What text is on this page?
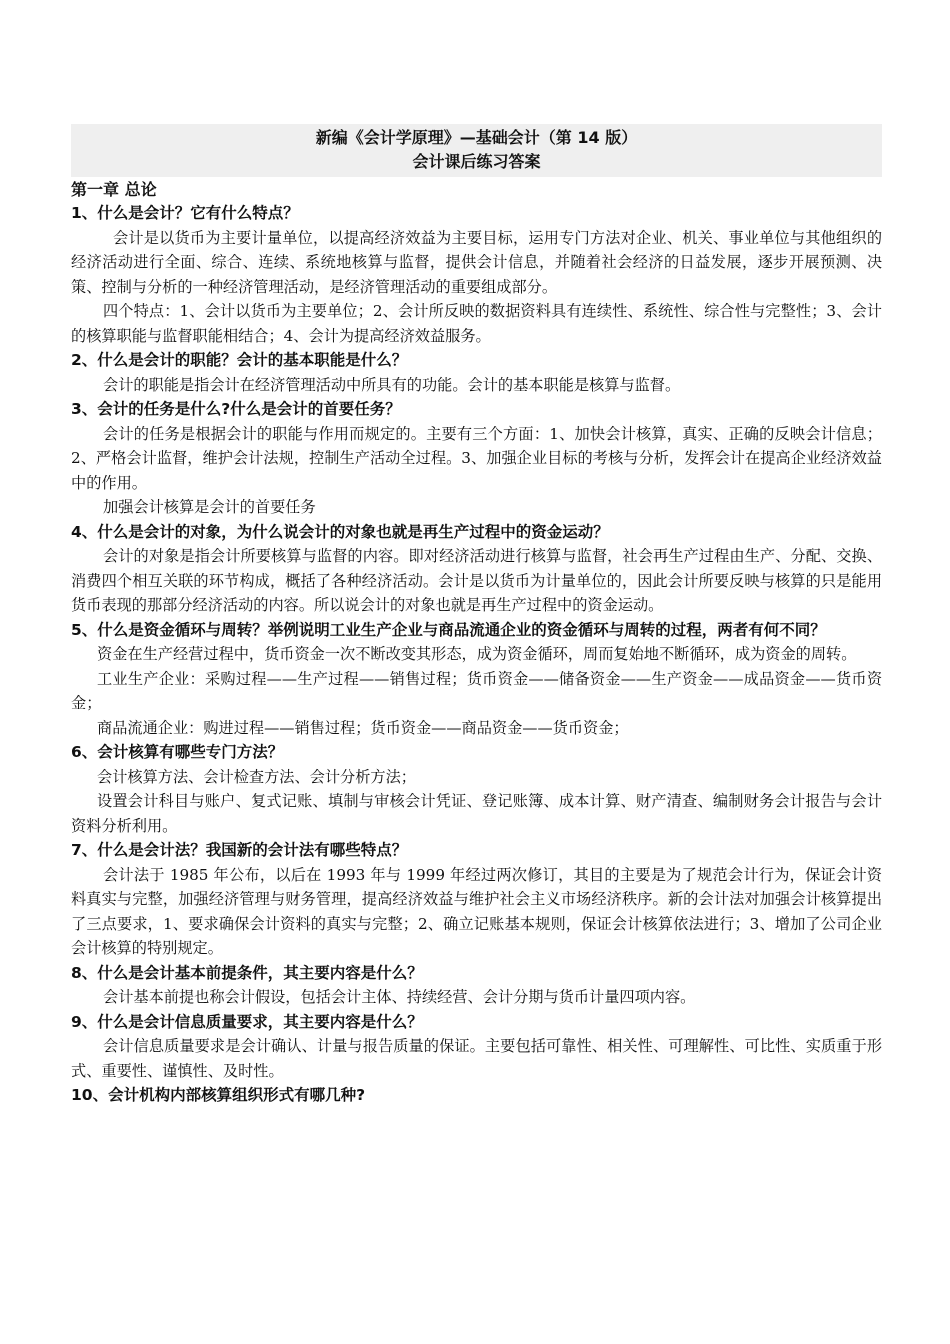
新编《会计学原理》—基础会计（第 14 版）
会计课后练习答案
第一章 总论

1、什么是会计？它有什么特点？

会计是以货币为主要计量单位，以提高经济效益为主要目标，运用专门方法对企业、机关、事业单位与其他组织的经济活动进行全面、综合、连续、系统地核算与监督，提供会计信息，并随着社会经济的日益发展，逐步开展预测、决策、控制与分析的一种经济管理活动，是经济管理活动的重要组成部分。

四个特点：1、会计以货币为主要单位；2、会计所反映的数据资料具有连续性、系统性、综合性与完整性；3、会计的核算职能与监督职能相结合；4、会计为提高经济效益服务。

2、什么是会计的职能？会计的基本职能是什么？

会计的职能是指会计在经济管理活动中所具有的功能。会计的基本职能是核算与监督。

3、会计的任务是什么?什么是会计的首要任务？

会计的任务是根据会计的职能与作用而规定的。主要有三个方面：1、加快会计核算，真实、正确的反映会计信息；2、严格会计监督，维护会计法规，控制生产活动全过程。3、加强企业目标的考核与分析，发挥会计在提高企业经济效益中的作用。

加强会计核算是会计的首要任务

4、什么是会计的对象，为什么说会计的对象也就是再生产过程中的资金运动？

会计的对象是指会计所要核算与监督的内容。即对经济活动进行核算与监督，社会再生产过程由生产、分配、交换、消费四个相互关联的环节构成，概括了各种经济活动。会计是以货币为计量单位的，因此会计所要反映与核算的只是能用货币表现的那部分经济活动的内容。所以说会计的对象也就是再生产过程中的资金运动。

5、什么是资金循环与周转？举例说明工业生产企业与商品流通企业的资金循环与周转的过程，两者有何不同？

资金在生产经营过程中，货币资金一次不断改变其形态，成为资金循环，周而复始地不断循环，成为资金的周转。

工业生产企业：采购过程——生产过程——销售过程；货币资金——储备资金——生产资金——成品资金——货币资金；

商品流通企业：购进过程——销售过程；货币资金——商品资金——货币资金；

6、会计核算有哪些专门方法？

会计核算方法、会计检查方法、会计分析方法；

设置会计科目与账户、复式记账、填制与审核会计凭证、登记账簿、成本计算、财产清查、编制财务会计报告与会计资料分析利用。

7、什么是会计法？我国新的会计法有哪些特点？

会计法于 1985 年公布，以后在 1993 年与 1999 年经过两次修订，其目的主要是为了规范会计行为，保证会计资料真实与完整，加强经济管理与财务管理，提高经济效益与维护社会主义市场经济秩序。新的会计法对加强会计核算提出了三点要求，1、要求确保会计资料的真实与完整；2、确立记账基本规则，保证会计核算依法进行；3、增加了公司企业会计核算的特别规定。

8、什么是会计基本前提条件，其主要内容是什么？

会计基本前提也称会计假设，包括会计主体、持续经营、会计分期与货币计量四项内容。

9、什么是会计信息质量要求，其主要内容是什么？

会计信息质量要求是会计确认、计量与报告质量的保证。主要包括可靠性、相关性、可理解性、可比性、实质重于形式、重要性、谨慎性、及时性。

10、会计机构内部核算组织形式有哪几种?
